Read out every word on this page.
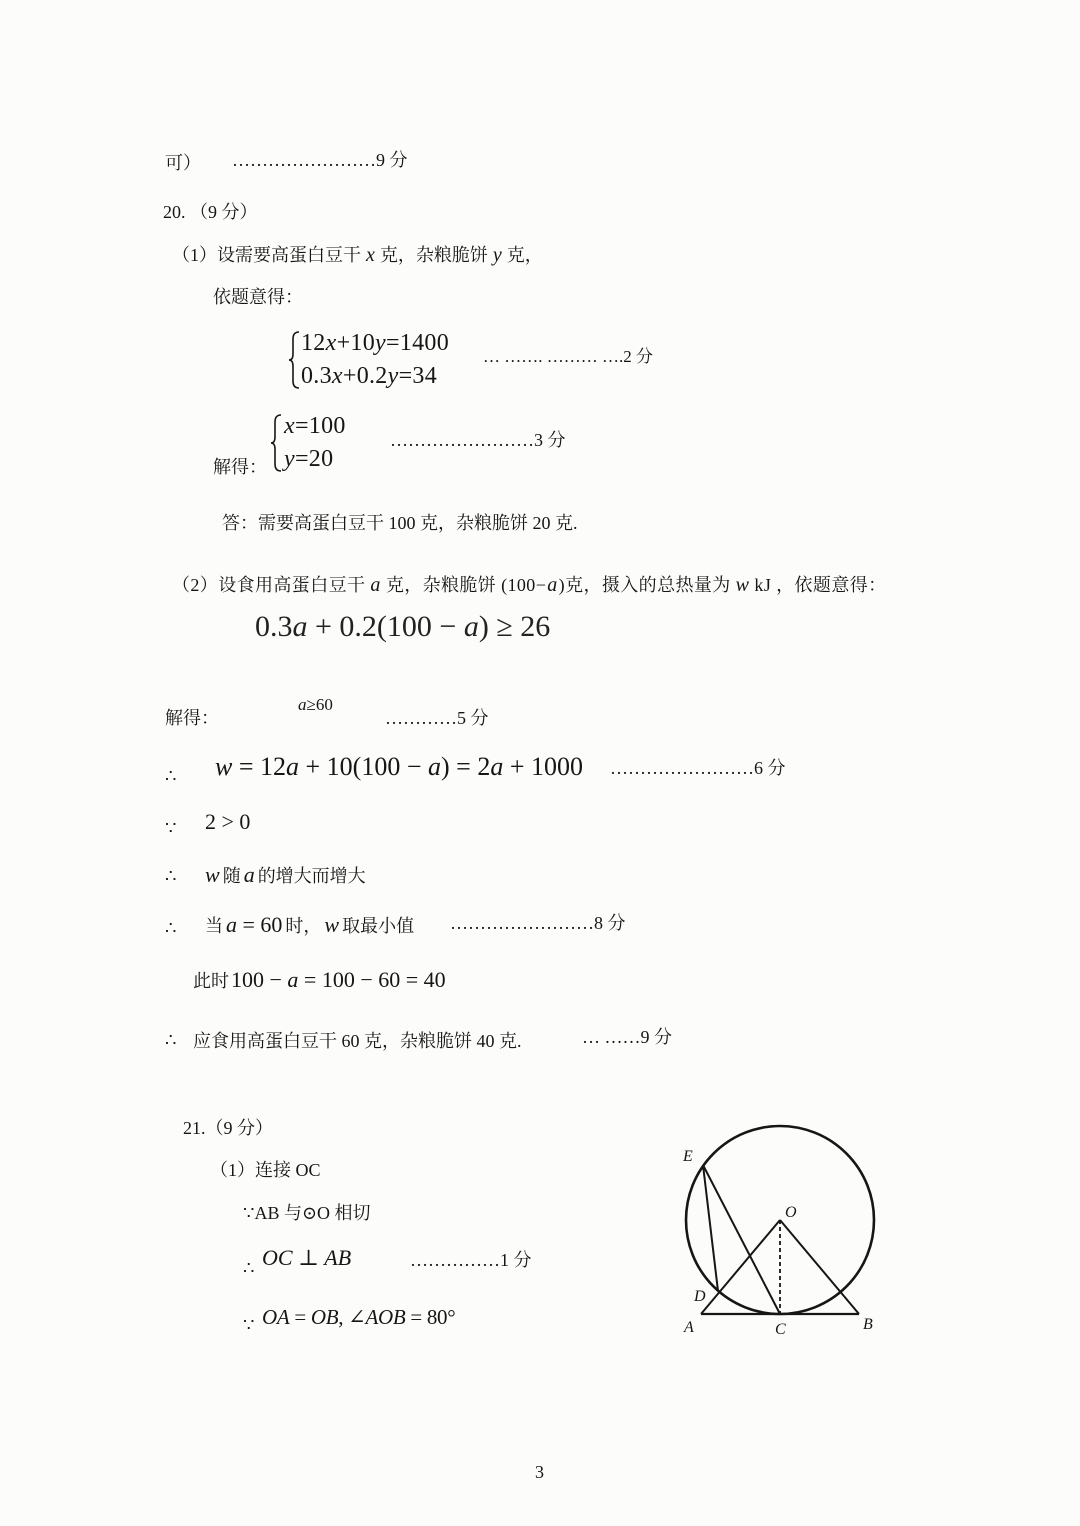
可） ……………………9 分
20. （9 分）
（1）设需要高蛋白豆干 x 克，杂粮脆饼 y 克，
依题意得：
12x+10y=1400
0.3x+0.2y=34
… ……. ……… ….2 分
x=100
y=20
解得：
……………………3 分
答：需要高蛋白豆干 100 克，杂粮脆饼 20 克.
（2）设食用高蛋白豆干 a 克，杂粮脆饼 (100−a)克，摄入的总热量为 w kJ ，依题意得：
0.3a + 0.2(100 − a) ≥ 26
解得：
a≥60
…………5 分
∴ w = 12a + 10(100 − a) = 2a + 1000 ……………………6 分
∵ 2 > 0
∴ w 随 a 的增大而增大
∴ 当 a = 60 时， w 取最小值 ……………………8 分
此时100 − a = 100 − 60 = 40
∴ 应食用高蛋白豆干 60 克，杂粮脆饼 40 克.	… ……9 分
21.（9 分）
（1）连接 OC
∵AB 与⊙O 相切
∴ OC ⊥ AB	……………1 分
∵ OA = OB, ∠AOB = 80°
E
O
D
A	C	B
3
